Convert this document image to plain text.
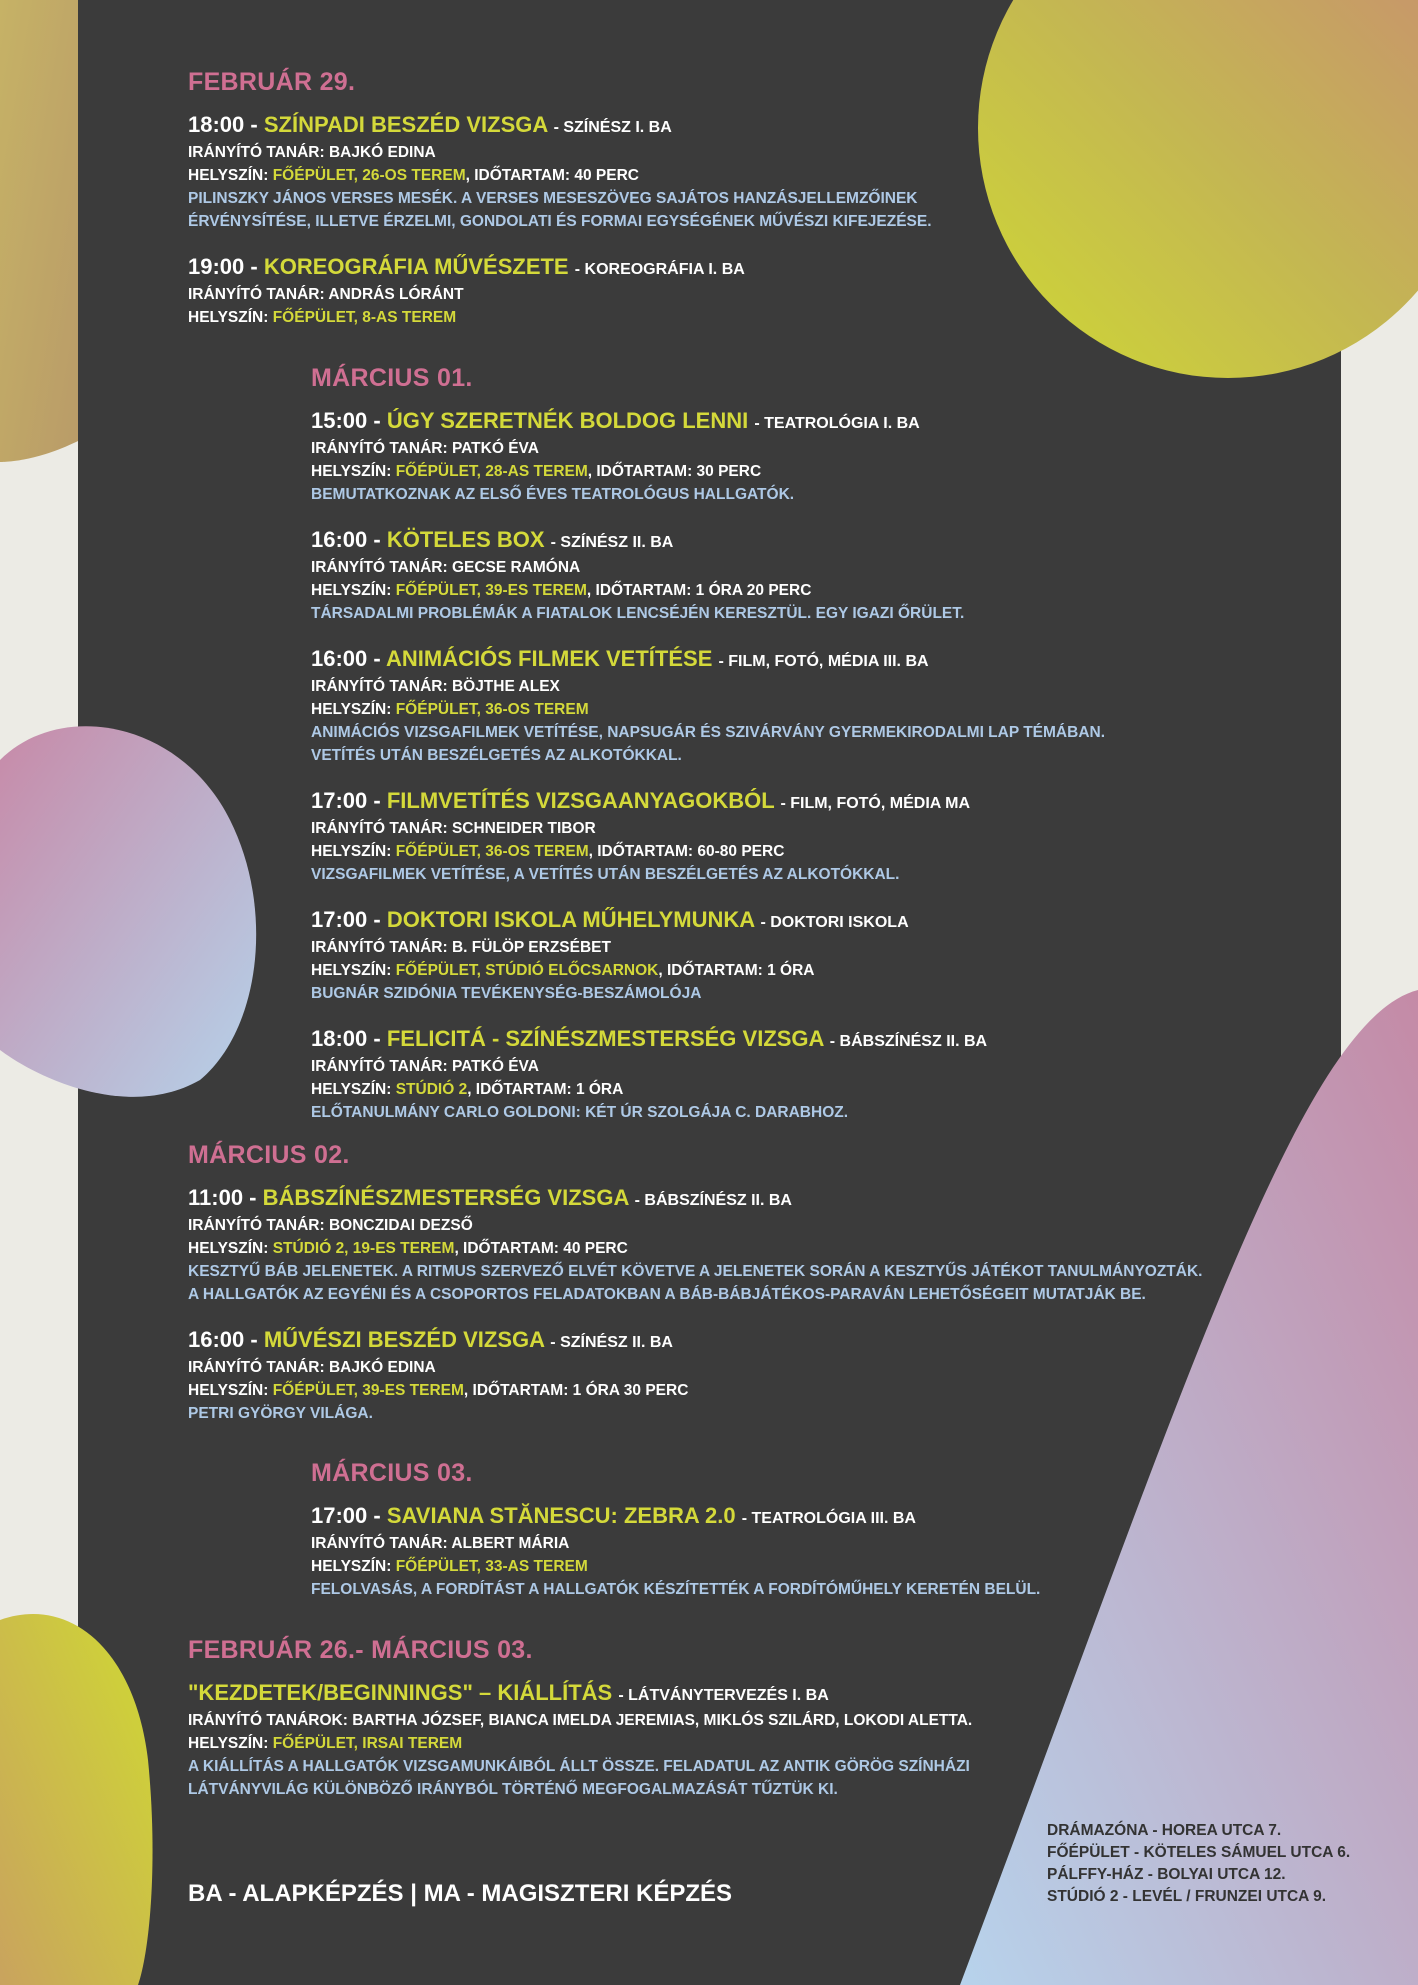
FEBRUÁR 29.
18:00 - SZÍNPADI BESZÉD VIZSGA - SZÍNÉSZ I. BA
IRÁNYÍTÓ TANÁR: BAJKÓ EDINA
HELYSZÍN: FŐÉPÜLET, 26-OS TEREM, IDŐTARTAM: 40 PERC
PILINSZKY JÁNOS VERSES MESÉK. A VERSES MESESZÖVEG SAJÁTOS HANZÁSJELLEMZŐINEK
ÉRVÉNYSÍTÉSE, ILLETVE ÉRZELMI, GONDOLATI ÉS FORMAI EGYSÉGÉNEK MŰVÉSZI KIFEJEZÉSE.
19:00 - KOREOGRÁFIA MŰVÉSZETE - KOREOGRÁFIA I. BA
IRÁNYÍTÓ TANÁR: ANDRÁS LÓRÁNT
HELYSZÍN: FŐÉPÜLET, 8-AS TEREM
MÁRCIUS 01.
15:00 - ÚGY SZERETNÉK BOLDOG LENNI - TEATROLÓGIA I. BA
IRÁNYÍTÓ TANÁR: PATKÓ ÉVA
HELYSZÍN: FŐÉPÜLET, 28-AS TEREM, IDŐTARTAM: 30 PERC
BEMUTATKOZNAK AZ ELSŐ ÉVES TEATROLÓGUS HALLGATÓK.
16:00 - KÖTELES BOX - SZÍNÉSZ II. BA
IRÁNYÍTÓ TANÁR: GECSE RAMÓNA
HELYSZÍN: FŐÉPÜLET, 39-ES TEREM, IDŐTARTAM: 1 ÓRA 20 PERC
TÁRSADALMI PROBLÉMÁK A FIATALOK LENCSÉJÉN KERESZTÜL. EGY IGAZI ŐRÜLET.
16:00 - ANIMÁCIÓS FILMEK VETÍTÉSE - FILM, FOTÓ, MÉDIA III. BA
IRÁNYÍTÓ TANÁR: BÖJTHE ALEX
HELYSZÍN: FŐÉPÜLET, 36-OS TEREM
ANIMÁCIÓS VIZSGAFILMEK VETÍTÉSE, NAPSUGÁR ÉS SZIVÁRVÁNY GYERMEKIRODALMI LAP TÉMÁBAN.
VETÍTÉS UTÁN BESZÉLGETÉS AZ ALKOTÓKKAL.
17:00 - FILMVETÍTÉS VIZSGAANYAGOKBÓL - FILM, FOTÓ, MÉDIA MA
IRÁNYÍTÓ TANÁR: SCHNEIDER TIBOR
HELYSZÍN: FŐÉPÜLET, 36-OS TEREM, IDŐTARTAM: 60-80 PERC
VIZSGAFILMEK VETÍTÉSE, A VETÍTÉS UTÁN BESZÉLGETÉS AZ ALKOTÓKKAL.
17:00 - DOKTORI ISKOLA MŰHELYMUNKA - DOKTORI ISKOLA
IRÁNYÍTÓ TANÁR: B. FÜLÖP ERZSÉBET
HELYSZÍN: FŐÉPÜLET, STÚDIÓ ELŐCSARNOK, IDŐTARTAM: 1 ÓRA
BUGNÁR SZIDÓNIA TEVÉKENYSÉG-BESZÁMOLÓJA
18:00 - FELICITÁ - SZÍNÉSZMESTERSÉG VIZSGA - BÁBSZÍNÉSZ II. BA
IRÁNYÍTÓ TANÁR: PATKÓ ÉVA
HELYSZÍN: STÚDIÓ 2, IDŐTARTAM: 1 ÓRA
ELŐTANULMÁNY CARLO GOLDONI: KÉT ÚR SZOLGÁJA C. DARABHOZ.
MÁRCIUS 02.
11:00 - BÁBSZÍNÉSZMESTERSÉG VIZSGA - BÁBSZÍNÉSZ II. BA
IRÁNYÍTÓ TANÁR: BONCZIDAI DEZSŐ
HELYSZÍN: STÚDIÓ 2, 19-ES TEREM, IDŐTARTAM: 40 PERC
KESZTYŰ BÁB JELENETEK. A RITMUS SZERVEZŐ ELVÉT KÖVETVE A JELENETEK SORÁN A KESZTYŰS JÁTÉKOT TANULMÁNYOZTÁK.
A HALLGATÓK AZ EGYÉNI ÉS A CSOPORTOS FELADATOKBAN A BÁB-BÁBJÁTÉKOS-PARAVÁN LEHETŐSÉGEIT MUTATJÁK BE.
16:00 - MŰVÉSZI BESZÉD VIZSGA - SZÍNÉSZ II. BA
IRÁNYÍTÓ TANÁR: BAJKÓ EDINA
HELYSZÍN: FŐÉPÜLET, 39-ES TEREM, IDŐTARTAM: 1 ÓRA 30 PERC
PETRI GYÖRGY VILÁGA.
MÁRCIUS 03.
17:00 - SAVIANA STĂNESCU: ZEBRA 2.0 - TEATROLÓGIA III. BA
IRÁNYÍTÓ TANÁR: ALBERT MÁRIA
HELYSZÍN: FŐÉPÜLET, 33-AS TEREM
FELOLVASÁS, A FORDÍTÁST A HALLGATÓK KÉSZÍTETTÉK A FORDÍTÓMŰHELY KERETÉN BELÜL.
FEBRUÁR 26.- MÁRCIUS 03.
"KEZDETEK/BEGINNINGS" – KIÁLLÍTÁS - LÁTVÁNYTERVEZÉS I. BA
IRÁNYÍTÓ TANÁROK: BARTHA JÓZSEF, BIANCA IMELDA JEREMIAS, MIKLÓS SZILÁRD, LOKODI ALETTA.
HELYSZÍN: FŐÉPÜLET, IRSAI TEREM
A KIÁLLÍTÁS A HALLGATÓK VIZSGAMUNKÁIBÓL ÁLLT ÖSSZE. FELADATUL AZ ANTIK GÖRÖG SZÍNHÁZI
LÁTVÁNYVILÁG KÜLÖNBÖZŐ IRÁNYBÓL TÖRTÉNŐ MEGFOGALMAZÁSÁT TŰZTÜK KI.
BA - ALAPKÉPZÉS | MA - MAGISZTERI KÉPZÉS
DRÁMAZÓNA - HOREA UTCA 7.
FŐÉPÜLET - KÖTELES SÁMUEL UTCA 6.
PÁLFFY-HÁZ - BOLYAI UTCA 12.
STÚDIÓ 2 - LEVÉL / FRUNZEI UTCA 9.
